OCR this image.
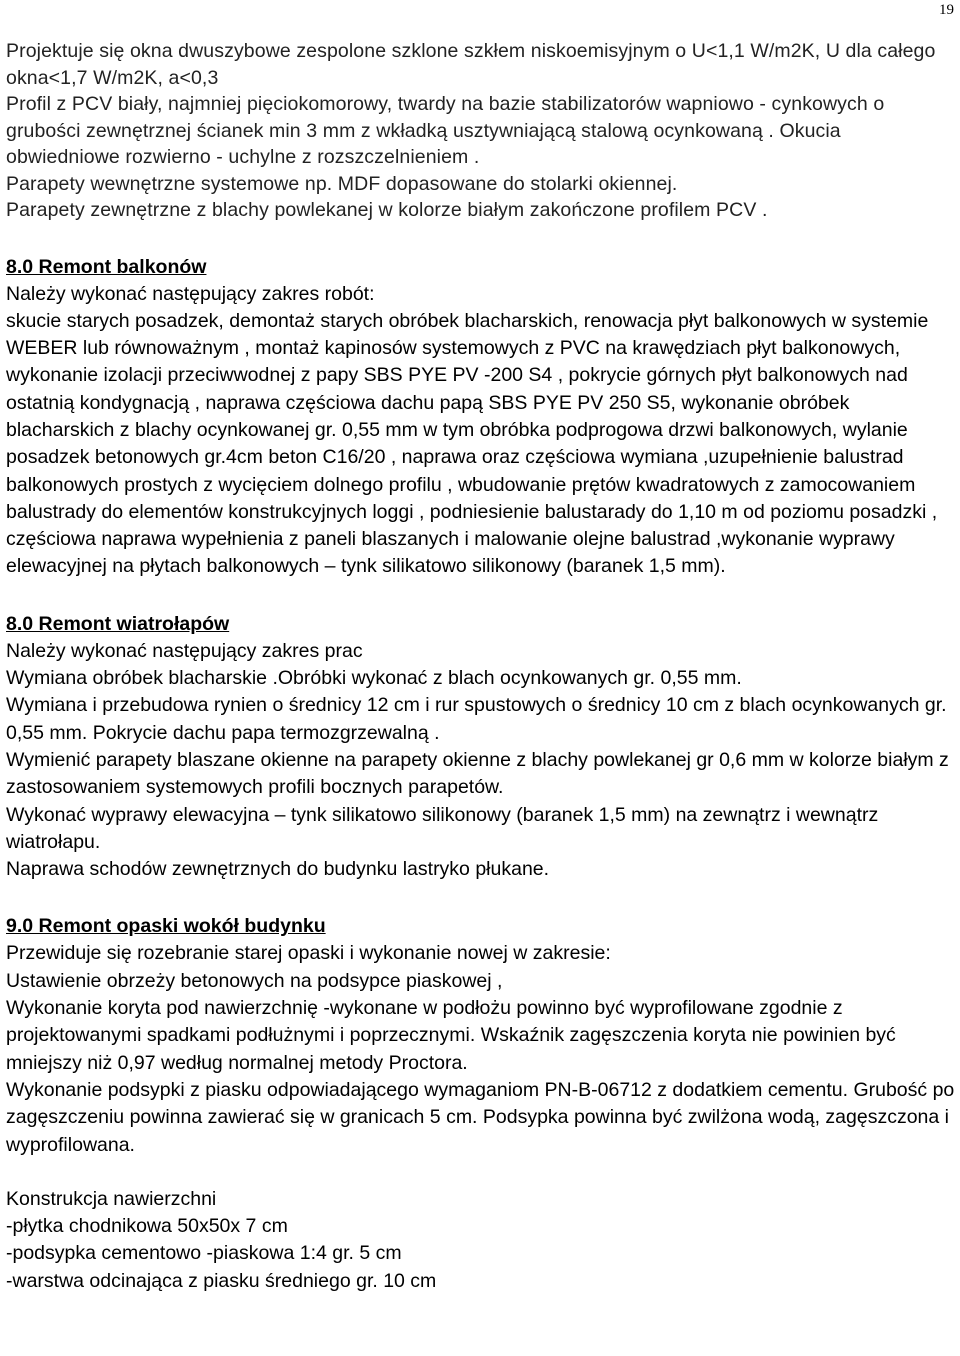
19

Projektuje się okna dwuszybowe zespolone szklone szkłem niskoemisyjnym o U<1,1 W/m2K, U dla całego okna<1,7 W/m2K, a<0,3

Profil z PCV biały, najmniej pięciokomorowy, twardy na bazie stabilizatorów wapniowo - cynkowych o grubości zewnętrznej ścianek min 3 mm z wkładką usztywniającą stalową ocynkowaną . Okucia obwiedniowe rozwierno - uchylne z rozszczelnieniem .

Parapety wewnętrzne systemowe np. MDF dopasowane do stolarki okiennej.

Parapety zewnętrzne z blachy powlekanej w kolorze białym zakończone profilem PCV .

8.0 Remont balkonów

Należy wykonać następujący zakres robót:

skucie starych posadzek, demontaż starych obróbek blacharskich, renowacja płyt balkonowych w systemie WEBER lub równoważnym , montaż kapinosów systemowych z PVC na krawędziach płyt balkonowych, wykonanie izolacji przeciwwodnej z papy SBS PYE PV -200 S4 , pokrycie górnych płyt balkonowych nad ostatnią kondygnacją , naprawa częściowa dachu papą SBS PYE PV 250 S5, wykonanie obróbek blacharskich z blachy ocynkowanej gr. 0,55 mm w tym obróbka podprogowa drzwi balkonowych, wylanie posadzek betonowych gr.4cm beton C16/20 , naprawa oraz częściowa wymiana ,uzupełnienie balustrad balkonowych prostych z wycięciem dolnego profilu , wbudowanie prętów kwadratowych z zamocowaniem balustrady do elementów konstrukcyjnych loggi , podniesienie balustarady do 1,10 m od poziomu posadzki , częściowa naprawa wypełnienia z paneli blaszanych i malowanie olejne balustrad ,wykonanie wyprawy elewacyjnej na płytach balkonowych – tynk silikatowo silikonowy (baranek 1,5 mm).

8.0 Remont wiatrołapów

Należy wykonać następujący zakres prac

Wymiana obróbek blacharskie .Obróbki wykonać z blach ocynkowanych gr. 0,55 mm.

Wymiana i przebudowa rynien o średnicy 12 cm i rur spustowych o średnicy 10 cm z blach ocynkowanych gr. 0,55 mm. Pokrycie dachu papa termozgrzewalną .

Wymienić parapety blaszane okienne na parapety okienne z blachy powlekanej gr 0,6 mm w kolorze białym z zastosowaniem systemowych profili bocznych parapetów.

Wykonać wyprawy elewacyjna – tynk silikatowo silikonowy (baranek 1,5 mm) na zewnątrz i wewnątrz wiatrołapu.

Naprawa schodów zewnętrznych do budynku lastryko płukane.

9.0 Remont opaski wokół budynku

Przewiduje się rozebranie starej opaski i wykonanie nowej w zakresie:

Ustawienie obrzeży betonowych na podsypce piaskowej ,

Wykonanie koryta pod nawierzchnię -wykonane w podłożu powinno być wyprofilowane zgodnie z projektowanymi spadkami podłużnymi i poprzecznymi. Wskaźnik zagęszczenia koryta nie powinien być mniejszy niż 0,97 według normalnej metody Proctora.

Wykonanie podsypki z piasku odpowiadającego wymaganiom PN-B-06712 z dodatkiem cementu. Grubość po zagęszczeniu powinna zawierać się w granicach 5 cm. Podsypka powinna być zwilżona wodą, zagęszczona i wyprofilowana.

Konstrukcja nawierzchni

-płytka chodnikowa 50x50x 7 cm

-podsypka cementowo -piaskowa 1:4 gr. 5 cm

-warstwa odcinająca z piasku średniego gr. 10 cm
